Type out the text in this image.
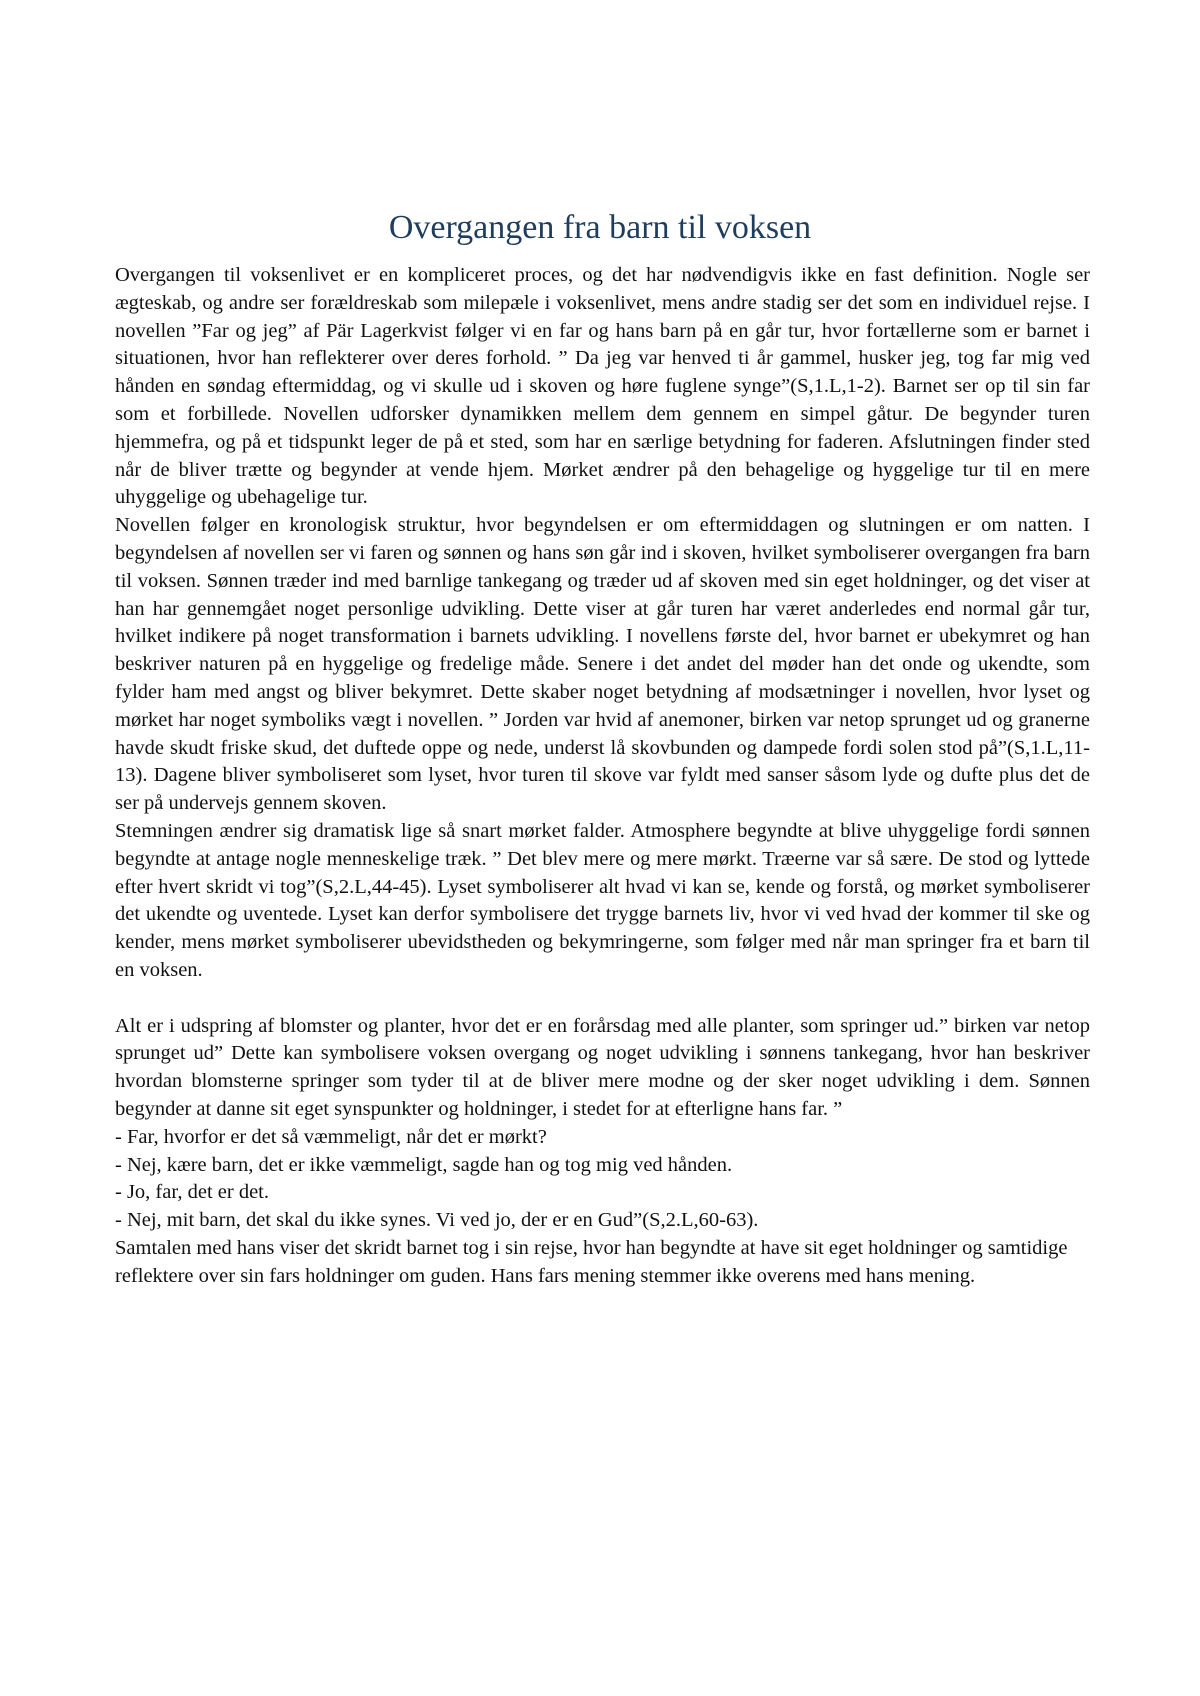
Overgangen fra barn til voksen

Overgangen til voksenlivet er en kompliceret proces, og det har nødvendigvis ikke en fast definition. Nogle ser ægteskab, og andre ser forældreskab som milepæle i voksenlivet, mens andre stadig ser det som en individuel rejse. I novellen ”Far og jeg” af Pär Lagerkvist følger vi en far og hans barn på en går tur, hvor fortællerne som er barnet i situationen, hvor han reflekterer over deres forhold. ” Da jeg var henved ti år gammel, husker jeg, tog far mig ved hånden en søndag eftermiddag, og vi skulle ud i skoven og høre fuglene synge”(S,1.L,1-2). Barnet ser op til sin far som et forbillede. Novellen udforsker dynamikken mellem dem gennem en simpel gåtur. De begynder turen hjemmefra, og på et tidspunkt leger de på et sted, som har en særlige betydning for faderen. Afslutningen finder sted når de bliver trætte og begynder at vende hjem. Mørket ændrer på den behagelige og hyggelige tur til en mere uhyggelige og ubehagelige tur.

Novellen følger en kronologisk struktur, hvor begyndelsen er om eftermiddagen og slutningen er om natten. I begyndelsen af novellen ser vi faren og sønnen og hans søn går ind i skoven, hvilket symboliserer overgangen fra barn til voksen. Sønnen træder ind med barnlige tankegang og træder ud af skoven med sin eget holdninger, og det viser at han har gennemgået noget personlige udvikling. Dette viser at går turen har været anderledes end normal går tur, hvilket indikere på noget transformation i barnets udvikling. I novellens første del, hvor barnet er ubekymret og han beskriver naturen på en hyggelige og fredelige måde. Senere i det andet del møder han det onde og ukendte, som fylder ham med angst og bliver bekymret. Dette skaber noget betydning af modsætninger i novellen, hvor lyset og mørket har noget symboliks vægt i novellen. ” Jorden var hvid af anemoner, birken var netop sprunget ud og granerne havde skudt friske skud, det duftede oppe og nede, underst lå skovbunden og dampede fordi solen stod på”(S,1.L,11-13). Dagene bliver symboliseret som lyset, hvor turen til skove var fyldt med sanser såsom lyde og dufte plus det de ser på undervejs gennem skoven.

Stemningen ændrer sig dramatisk lige så snart mørket falder. Atmosphere begyndte at blive uhyggelige fordi sønnen begyndte at antage nogle menneskelige træk. ” Det blev mere og mere mørkt. Træerne var så sære. De stod og lyttede efter hvert skridt vi tog”(S,2.L,44-45). Lyset symboliserer alt hvad vi kan se, kende og forstå, og mørket symboliserer det ukendte og uventede. Lyset kan derfor symbolisere det trygge barnets liv, hvor vi ved hvad der kommer til ske og kender, mens mørket symboliserer ubevidstheden og bekymringerne, som følger med når man springer fra et barn til en voksen.

Alt er i udspring af blomster og planter, hvor det er en forårsdag med alle planter, som springer ud.” birken var netop sprunget ud” Dette kan symbolisere voksen overgang og noget udvikling i sønnens tankegang, hvor han beskriver hvordan blomsterne springer som tyder til at de bliver mere modne og der sker noget udvikling i dem. Sønnen begynder at danne sit eget synspunkter og holdninger, i stedet for at efterligne hans far. ”

- Far, hvorfor er det så væmmeligt, når det er mørkt?

- Nej, kære barn, det er ikke væmmeligt, sagde han og tog mig ved hånden.

- Jo, far, det er det.

- Nej, mit barn, det skal du ikke synes. Vi ved jo, der er en Gud”(S,2.L,60-63).

Samtalen med hans viser det skridt barnet tog i sin rejse, hvor han begyndte at have sit eget holdninger og samtidige reflektere over sin fars holdninger om guden. Hans fars mening stemmer ikke overens med hans mening.
